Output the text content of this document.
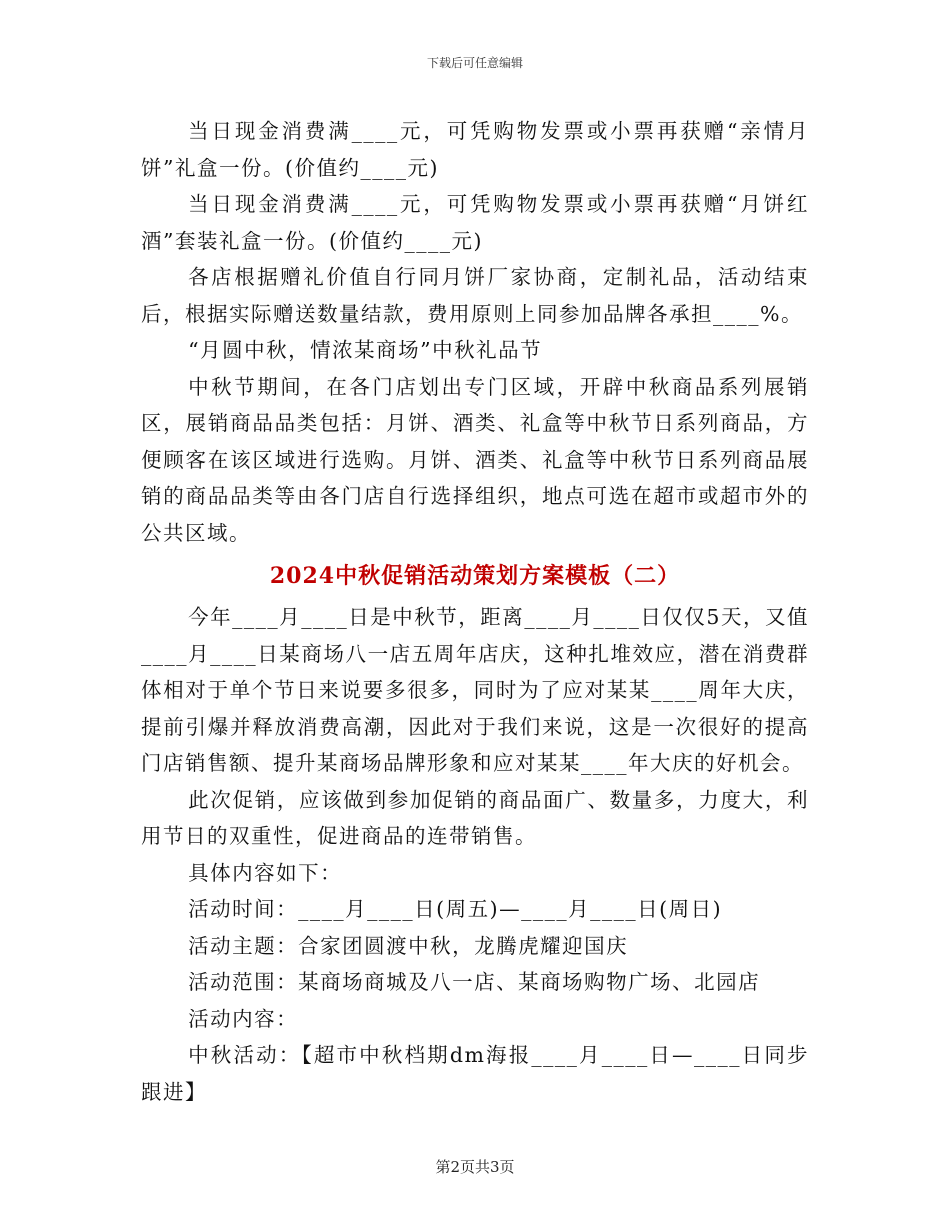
下载后可任意编辑

当日现金消费满____元，可凭购物发票或小票再获赠“亲情月饼”礼盒一份。(价值约____元)

当日现金消费满____元，可凭购物发票或小票再获赠“月饼红酒”套装礼盒一份。(价值约____元)

各店根据赠礼价值自行同月饼厂家协商，定制礼品，活动结束后，根据实际赠送数量结款，费用原则上同参加品牌各承担____%。

“月圆中秋，情浓某商场”中秋礼品节

中秋节期间，在各门店划出专门区域，开辟中秋商品系列展销区，展销商品品类包括：月饼、酒类、礼盒等中秋节日系列商品，方便顾客在该区域进行选购。月饼、酒类、礼盒等中秋节日系列商品展销的商品品类等由各门店自行选择组织，地点可选在超市或超市外的公共区域。

2024中秋促销活动策划方案模板（二）

今年____月____日是中秋节，距离____月____日仅仅5天，又值____月____日某商场八一店五周年店庆，这种扎堆效应，潜在消费群体相对于单个节日来说要多很多，同时为了应对某某____周年大庆，提前引爆并释放消费高潮，因此对于我们来说，这是一次很好的提高门店销售额、提升某商场品牌形象和应对某某____年大庆的好机会。

此次促销，应该做到参加促销的商品面广、数量多，力度大，利用节日的双重性，促进商品的连带销售。

具体内容如下：

活动时间：____月____日(周五)—____月____日(周日)

活动主题：合家团圆渡中秋，龙腾虎耀迎国庆

活动范围：某商场商城及八一店、某商场购物广场、北园店

活动内容：

中秋活动：【超市中秋档期dm海报____月____日—____日同步跟进】

第2页共3页
